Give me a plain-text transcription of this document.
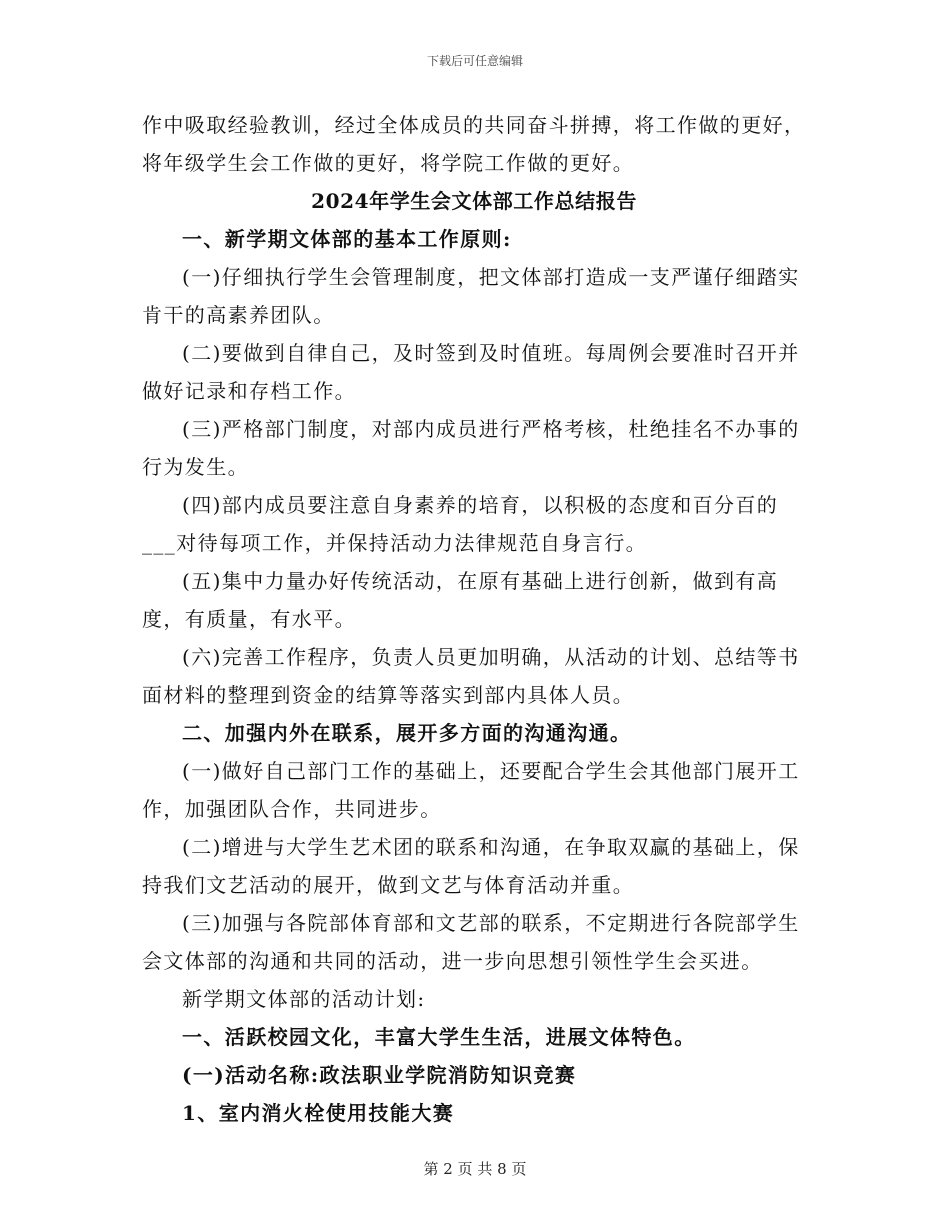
下载后可任意编辑

作中吸取经验教训，经过全体成员的共同奋斗拼搏，将工作做的更好，将年级学生会工作做的更好，将学院工作做的更好。

2024年学生会文体部工作总结报告

一、新学期文体部的基本工作原则:

(一)仔细执行学生会管理制度，把文体部打造成一支严谨仔细踏实肯干的高素养团队。

(二)要做到自律自己，及时签到及时值班。每周例会要准时召开并做好记录和存档工作。

(三)严格部门制度，对部内成员进行严格考核，杜绝挂名不办事的行为发生。

(四)部内成员要注意自身素养的培育，以积极的态度和百分百的___对待每项工作，并保持活动力法律规范自身言行。

(五)集中力量办好传统活动，在原有基础上进行创新，做到有高度，有质量，有水平。

(六)完善工作程序，负责人员更加明确，从活动的计划、总结等书面材料的整理到资金的结算等落实到部内具体人员。

二、加强内外在联系，展开多方面的沟通沟通。

(一)做好自己部门工作的基础上，还要配合学生会其他部门展开工作，加强团队合作，共同进步。

(二)增进与大学生艺术团的联系和沟通，在争取双赢的基础上，保持我们文艺活动的展开，做到文艺与体育活动并重。

(三)加强与各院部体育部和文艺部的联系，不定期进行各院部学生会文体部的沟通和共同的活动，进一步向思想引领性学生会买进。

新学期文体部的活动计划:

一、活跃校园文化，丰富大学生生活，进展文体特色。

(一)活动名称:政法职业学院消防知识竞赛

1、室内消火栓使用技能大赛

第 2 页 共 8 页
